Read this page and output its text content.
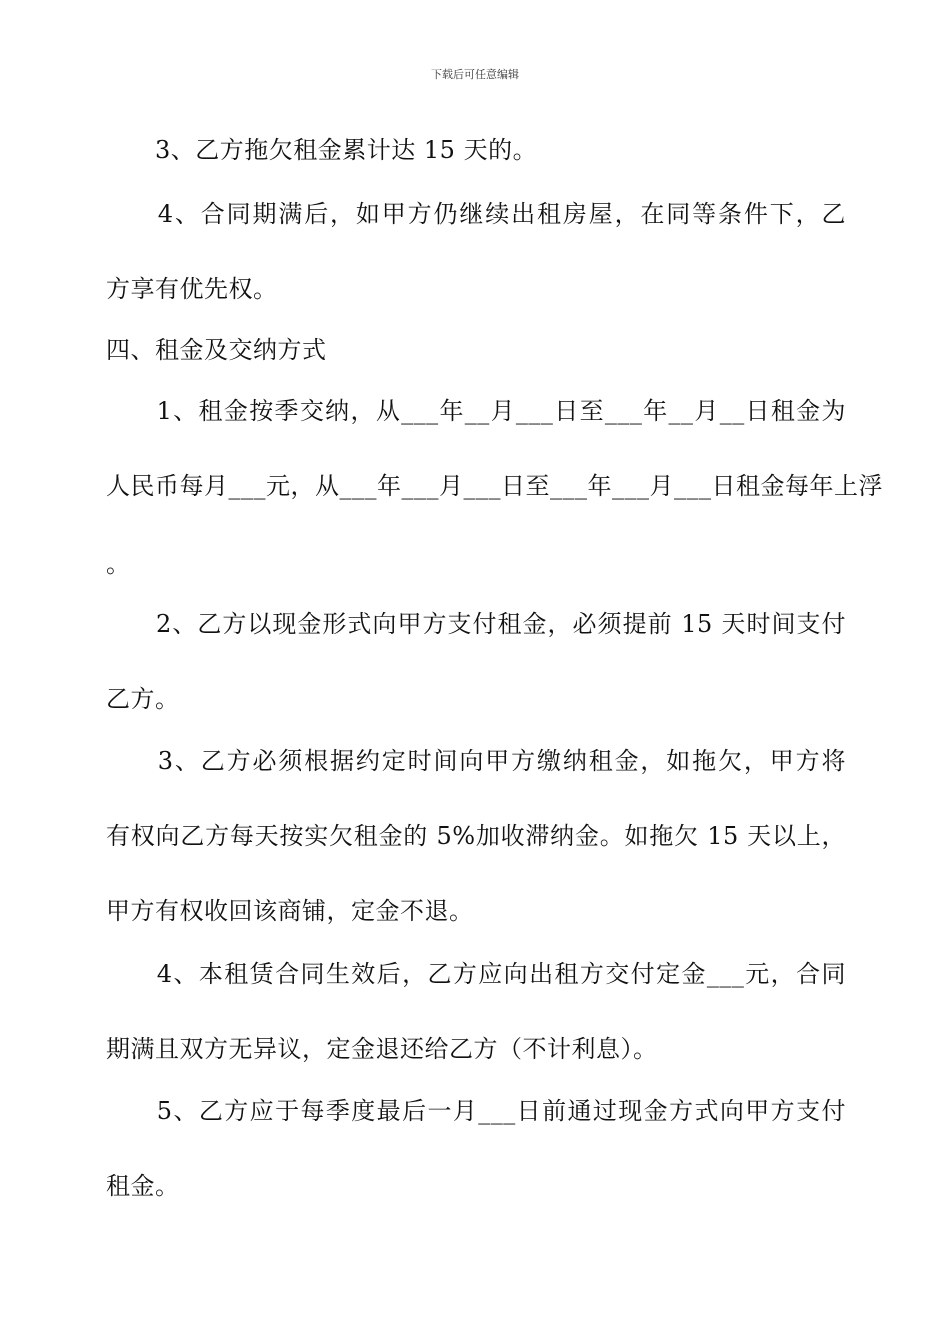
下载后可任意编辑
　　3、乙方拖欠租金累计达 15 天的。
　　4、合同期满后，如甲方仍继续出租房屋，在同等条件下，乙
方享有优先权。
四、租金及交纳方式
　　1、租金按季交纳，从___年__月___日至___年__月__日租金为
人民币每月___元，从___年___月___日至___年___月___日租金每年上浮
。
　　2、乙方以现金形式向甲方支付租金，必须提前 15 天时间支付
乙方。
　　3、乙方必须根据约定时间向甲方缴纳租金，如拖欠，甲方将
有权向乙方每天按实欠租金的 5%加收滞纳金。如拖欠 15 天以上，
甲方有权收回该商铺，定金不退。
　　4、本租赁合同生效后，乙方应向出租方交付定金___元，合同
期满且双方无异议，定金退还给乙方（不计利息）。
　　5、乙方应于每季度最后一月___日前通过现金方式向甲方支付
租金。
